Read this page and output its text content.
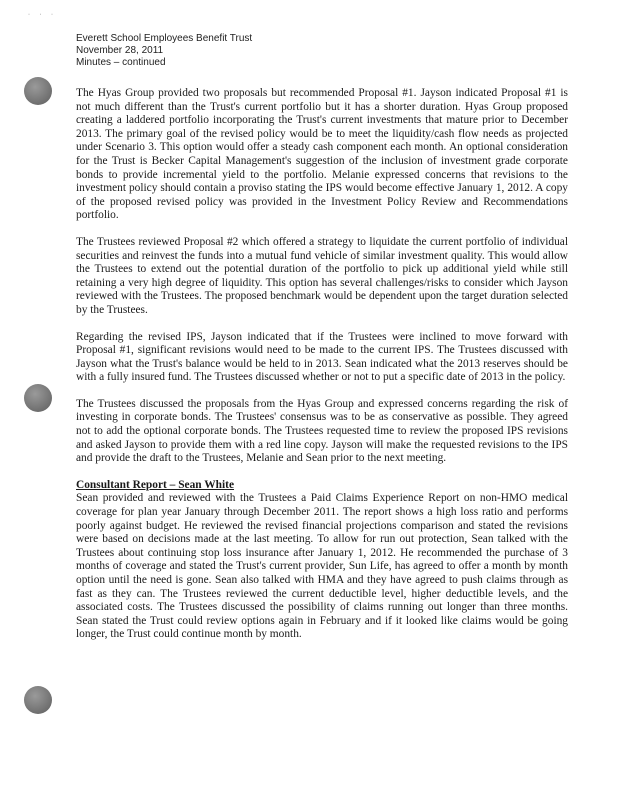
· · ·
Everett School Employees Benefit Trust
November 28, 2011
Minutes – continued

The Hyas Group provided two proposals but recommended Proposal #1. Jayson indicated Proposal #1 is not much different than the Trust's current portfolio but it has a shorter duration. Hyas Group proposed creating a laddered portfolio incorporating the Trust's current investments that mature prior to December 2013. The primary goal of the revised policy would be to meet the liquidity/cash flow needs as projected under Scenario 3. This option would offer a steady cash component each month. An optional consideration for the Trust is Becker Capital Management's suggestion of the inclusion of investment grade corporate bonds to provide incremental yield to the portfolio. Melanie expressed concerns that revisions to the investment policy should contain a proviso stating the IPS would become effective January 1, 2012. A copy of the proposed revised policy was provided in the Investment Policy Review and Recommendations portfolio.

The Trustees reviewed Proposal #2 which offered a strategy to liquidate the current portfolio of individual securities and reinvest the funds into a mutual fund vehicle of similar investment quality. This would allow the Trustees to extend out the potential duration of the portfolio to pick up additional yield while still retaining a very high degree of liquidity. This option has several challenges/risks to consider which Jayson reviewed with the Trustees. The proposed benchmark would be dependent upon the target duration selected by the Trustees.

Regarding the revised IPS, Jayson indicated that if the Trustees were inclined to move forward with Proposal #1, significant revisions would need to be made to the current IPS. The Trustees discussed with Jayson what the Trust's balance would be held to in 2013. Sean indicated what the 2013 reserves should be with a fully insured fund. The Trustees discussed whether or not to put a specific date of 2013 in the policy.

The Trustees discussed the proposals from the Hyas Group and expressed concerns regarding the risk of investing in corporate bonds. The Trustees' consensus was to be as conservative as possible. They agreed not to add the optional corporate bonds. The Trustees requested time to review the proposed IPS revisions and asked Jayson to provide them with a red line copy. Jayson will make the requested revisions to the IPS and provide the draft to the Trustees, Melanie and Sean prior to the next meeting.

Consultant Report – Sean White

Sean provided and reviewed with the Trustees a Paid Claims Experience Report on non-HMO medical coverage for plan year January through December 2011. The report shows a high loss ratio and performs poorly against budget. He reviewed the revised financial projections comparison and stated the revisions were based on decisions made at the last meeting. To allow for run out protection, Sean talked with the Trustees about continuing stop loss insurance after January 1, 2012. He recommended the purchase of 3 months of coverage and stated the Trust's current provider, Sun Life, has agreed to offer a month by month option until the need is gone. Sean also talked with HMA and they have agreed to push claims through as fast as they can. The Trustees reviewed the current deductible level, higher deductible levels, and the associated costs. The Trustees discussed the possibility of claims running out longer than three months. Sean stated the Trust could review options again in February and if it looked like claims would be going longer, the Trust could continue month by month.
